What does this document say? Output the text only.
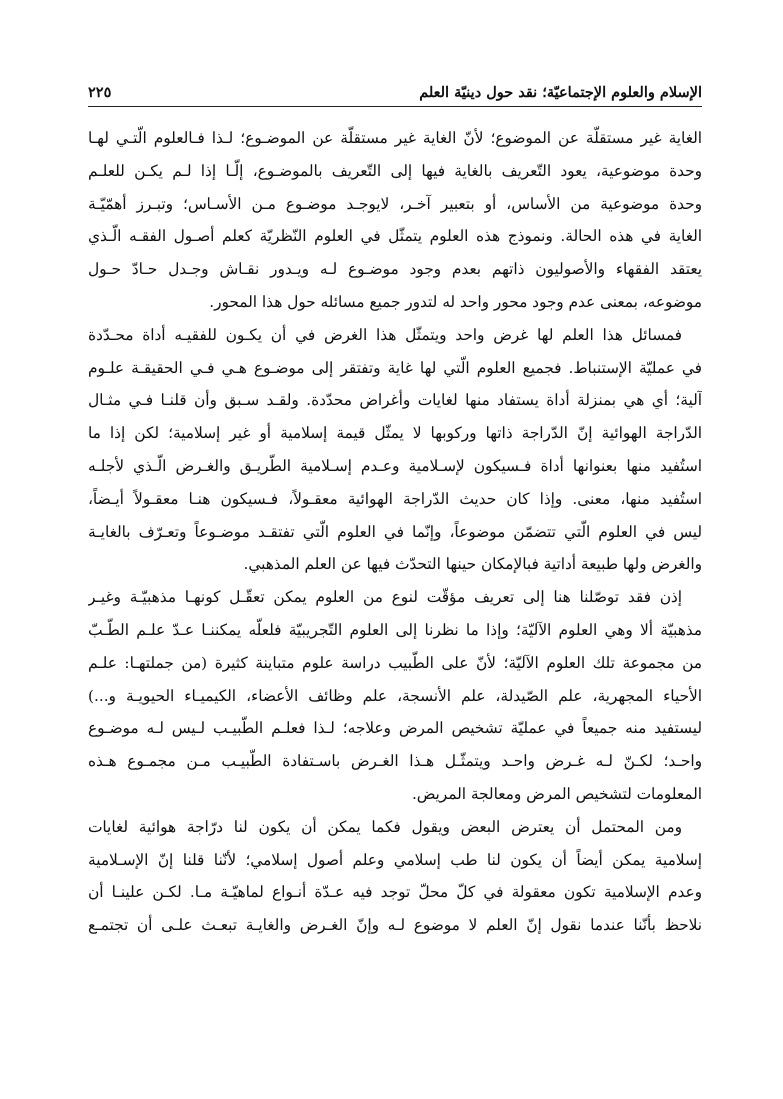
الإسلام والعلوم الإجتماعيّة؛ نقد حول دينيّة العلم
٢٢٥
الغاية غير مستقلّة عن الموضوع؛ لأنّ الغاية غير مستقلّة عن الموضـوع؛ لـذا فـالعلوم الّتـي لهـا
وحدة موضوعية، يعود التّعريف بالغاية فيها إلى التّعريف بالموضـوع، إلّـا إذا لـم يكـن للعلـم
وحدة موضوعية من الأساس، أو بتعبير آخـر، لايوجـد موضـوع مـن الأسـاس؛ وتبـرز أهمّيّـة
الغاية في هذه الحالة. ونموذج هذه العلوم يتمثّل في العلوم النّظريّة كعلم أصـول الفقـه الّـذي
يعتقد الفقهاء والأصوليون ذاتهم بعدم وجود موضـوع لـه ويـدور نقـاش وجـدل حـادّ حـول
موضوعه، بمعنى عدم وجود محور واحد له لتدور جميع مسائله حول هذا المحور.
فمسائل هذا العلم لها غرض واحد ويتمثّل هذا الغرض في أن يكـون للفقيـه أداة محـدّدة
في عمليّة الإستنباط. فجميع العلوم الّتي لها غاية وتفتقر إلى موضـوع هـي فـي الحقيقـة علـوم
آلية؛ أي هي بمنزلة أداة يستفاد منها لغايات وأغراض محدّدة. ولقـد سـبق وأن قلنـا فـي مثـال
الدّراجة الهوائية إنّ الدّراجة ذاتها وركوبها لا يمثّل قيمة إسلامية أو غير إسلامية؛ لكن إذا ما
استُفيد منها بعنوانها أداة فـسيكون لإسـلامية وعـدم إسـلامية الطّريـق والغـرض الّـذي لأجلـه
استُفيد منها، معنى. وإذا كان حديث الدّراجة الهوائية معقـولاً، فـسيكون هنـا معقـولاً أيـضاً،
ليس في العلوم الّتي تتضمّن موضوعاً، وإنّما في العلوم الّتي تفتقـد موضـوعاً وتعـرّف بالغايـة
والغرض ولها طبيعة أداتية فبالإمكان حينها التحدّث فيها عن العلم المذهبي.
إذن فقد توصّلنا هنا إلى تعريف مؤقّت لنوع من العلوم يمكن تعقّـل كونهـا مذهبيّـة وغيـر
مذهبيّة ألا وهي العلوم الآليّة؛ وإذا ما نظرنا إلى العلوم التّجريبيّة فلعلّه يمكننـا عـدّ علـم الطّـبّ
من مجموعة تلك العلوم الآليّة؛ لأنّ على الطّبيب دراسة علوم متباينة كثيرة (من جملتهـا: علـم
الأحياء المجهرية، علم الصّيدلة، علم الأنسجة، علم وظائف الأعضاء، الكيميـاء الحيويـة و...)
ليستفيد منه جميعاً في عمليّة تشخيص المرض وعلاجه؛ لـذا فعلـم الطّبيـب لـيس لـه موضـوع
واحـد؛ لكـنّ لـه غـرض واحـد ويتمثّـل هـذا الغـرض باسـتفادة الطّبيـب مـن مجمـوع هـذه
المعلومات لتشخيص المرض ومعالجة المريض.
ومن المحتمل أن يعترض البعض ويقول فكما يمكن أن يكون لنا درّاجة هوائية لغايات
إسلامية يمكن أيضاً أن يكون لنا طب إسلامي وعلم أصول إسلامي؛ لأنّنا قلنا إنّ الإسـلامية
وعدم الإسلامية تكون معقولة في كلّ محلّ توجد فيه عـدّة أنـواع لماهيّـة مـا. لكـن علينـا أن
نلاحظ بأنّنا عندما نقول إنّ العلم لا موضوع لـه وإنّ الغـرض والغايـة تبعـث علـى أن تجتمـع
